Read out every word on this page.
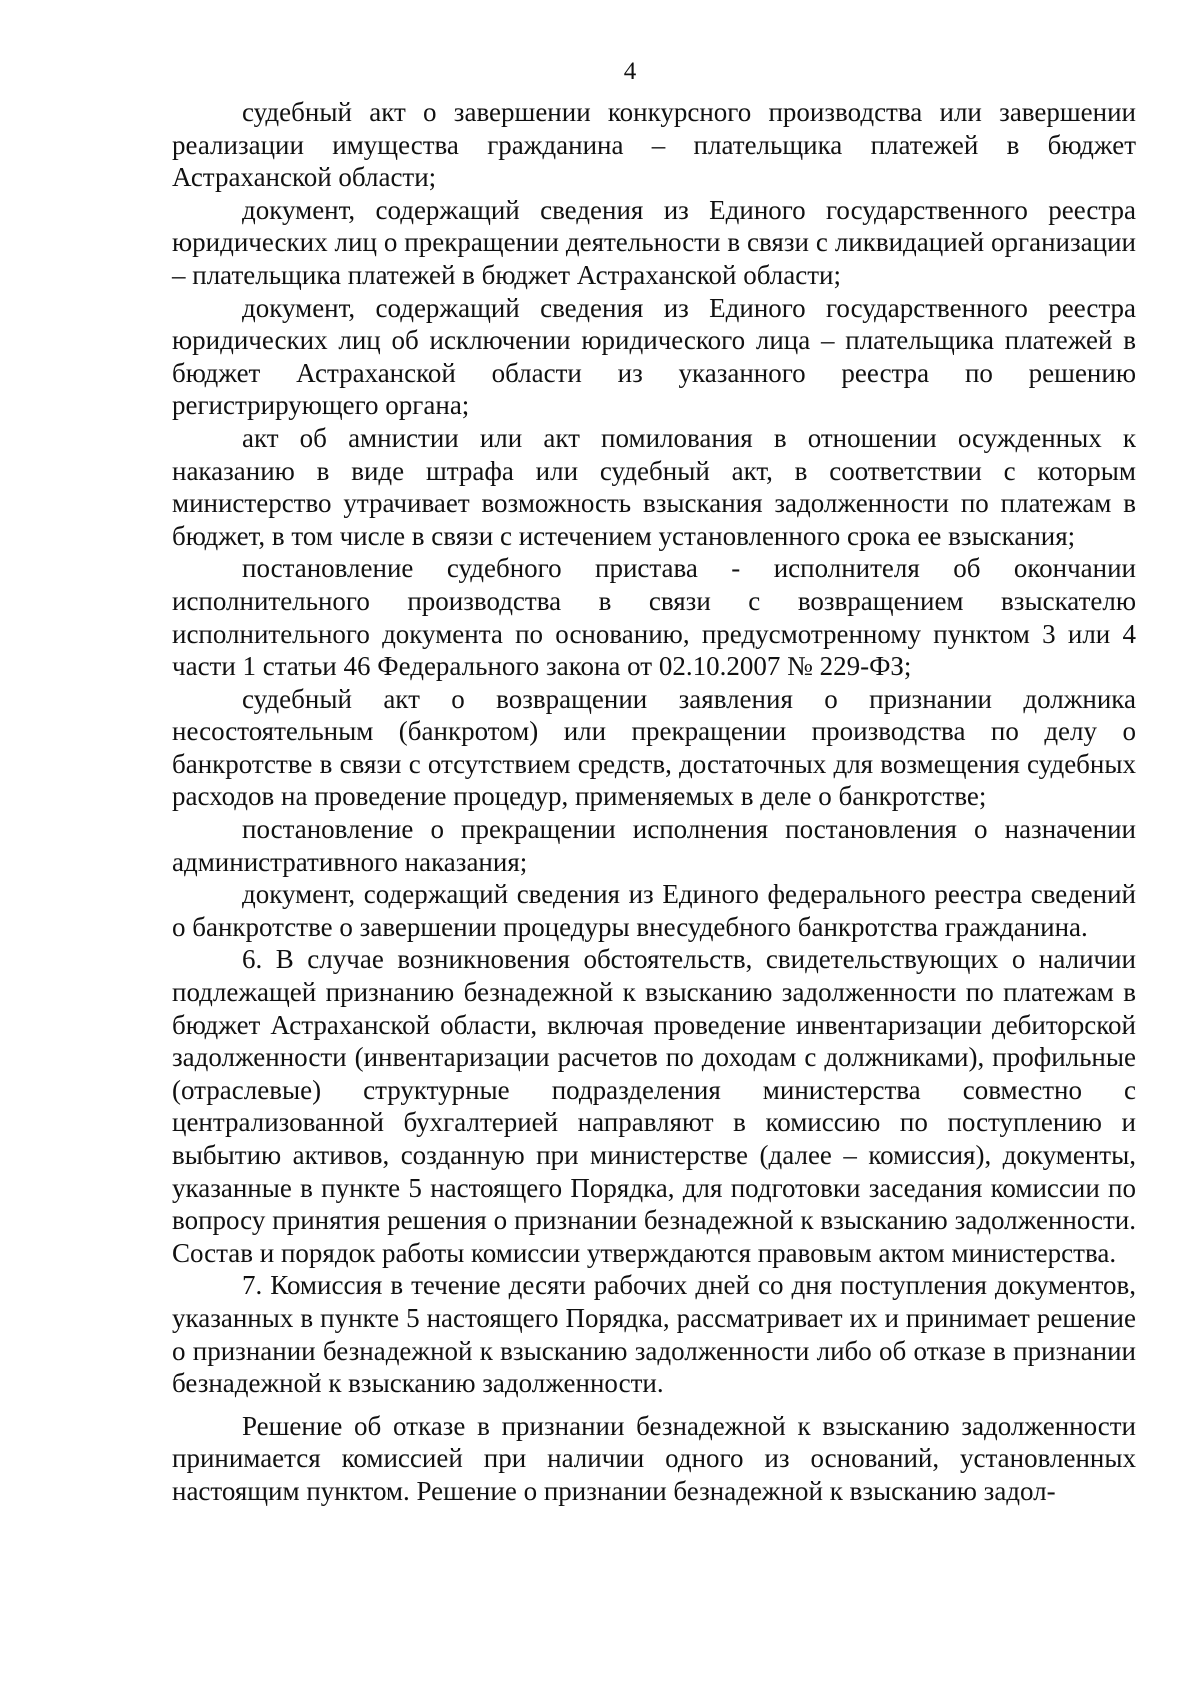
4

судебный акт о завершении конкурсного производства или завершении реализации имущества гражданина – плательщика платежей в бюджет Астраханской области;

документ, содержащий сведения из Единого государственного реестра юридических лиц о прекращении деятельности в связи с ликвидацией организации – плательщика платежей в бюджет Астраханской области;

документ, содержащий сведения из Единого государственного реестра юридических лиц об исключении юридического лица – плательщика платежей в бюджет Астраханской области из указанного реестра по решению регистрирующего органа;

акт об амнистии или акт помилования в отношении осужденных к наказанию в виде штрафа или судебный акт, в соответствии с которым министерство утрачивает возможность взыскания задолженности по платежам в бюджет, в том числе в связи с истечением установленного срока ее взыскания;

постановление судебного пристава - исполнителя об окончании исполнительного производства в связи с возвращением взыскателю исполнительного документа по основанию, предусмотренному пунктом 3 или 4 части 1 статьи 46 Федерального закона от 02.10.2007 № 229-ФЗ;

судебный акт о возвращении заявления о признании должника несостоятельным (банкротом) или прекращении производства по делу о банкротстве в связи с отсутствием средств, достаточных для возмещения судебных расходов на проведение процедур, применяемых в деле о банкротстве;

постановление о прекращении исполнения постановления о назначении административного наказания;

документ, содержащий сведения из Единого федерального реестра сведений о банкротстве о завершении процедуры внесудебного банкротства гражданина.

6. В случае возникновения обстоятельств, свидетельствующих о наличии подлежащей признанию безнадежной к взысканию задолженности по платежам в бюджет Астраханской области, включая проведение инвентаризации дебиторской задолженности (инвентаризации расчетов по доходам с должниками), профильные (отраслевые) структурные подразделения министерства совместно с централизованной бухгалтерией направляют в комиссию по поступлению и выбытию активов, созданную при министерстве (далее – комиссия), документы, указанные в пункте 5 настоящего Порядка, для подготовки заседания комиссии по вопросу принятия решения о признании безнадежной к взысканию задолженности. Состав и порядок работы комиссии утверждаются правовым актом министерства.

7. Комиссия в течение десяти рабочих дней со дня поступления документов, указанных в пункте 5 настоящего Порядка, рассматривает их и принимает решение о признании безнадежной к взысканию задолженности либо об отказе в признании безнадежной к взысканию задолженности.

Решение об отказе в признании безнадежной к взысканию задолженности принимается комиссией при наличии одного из оснований, установленных настоящим пунктом. Решение о признании безнадежной к взысканию задол-
